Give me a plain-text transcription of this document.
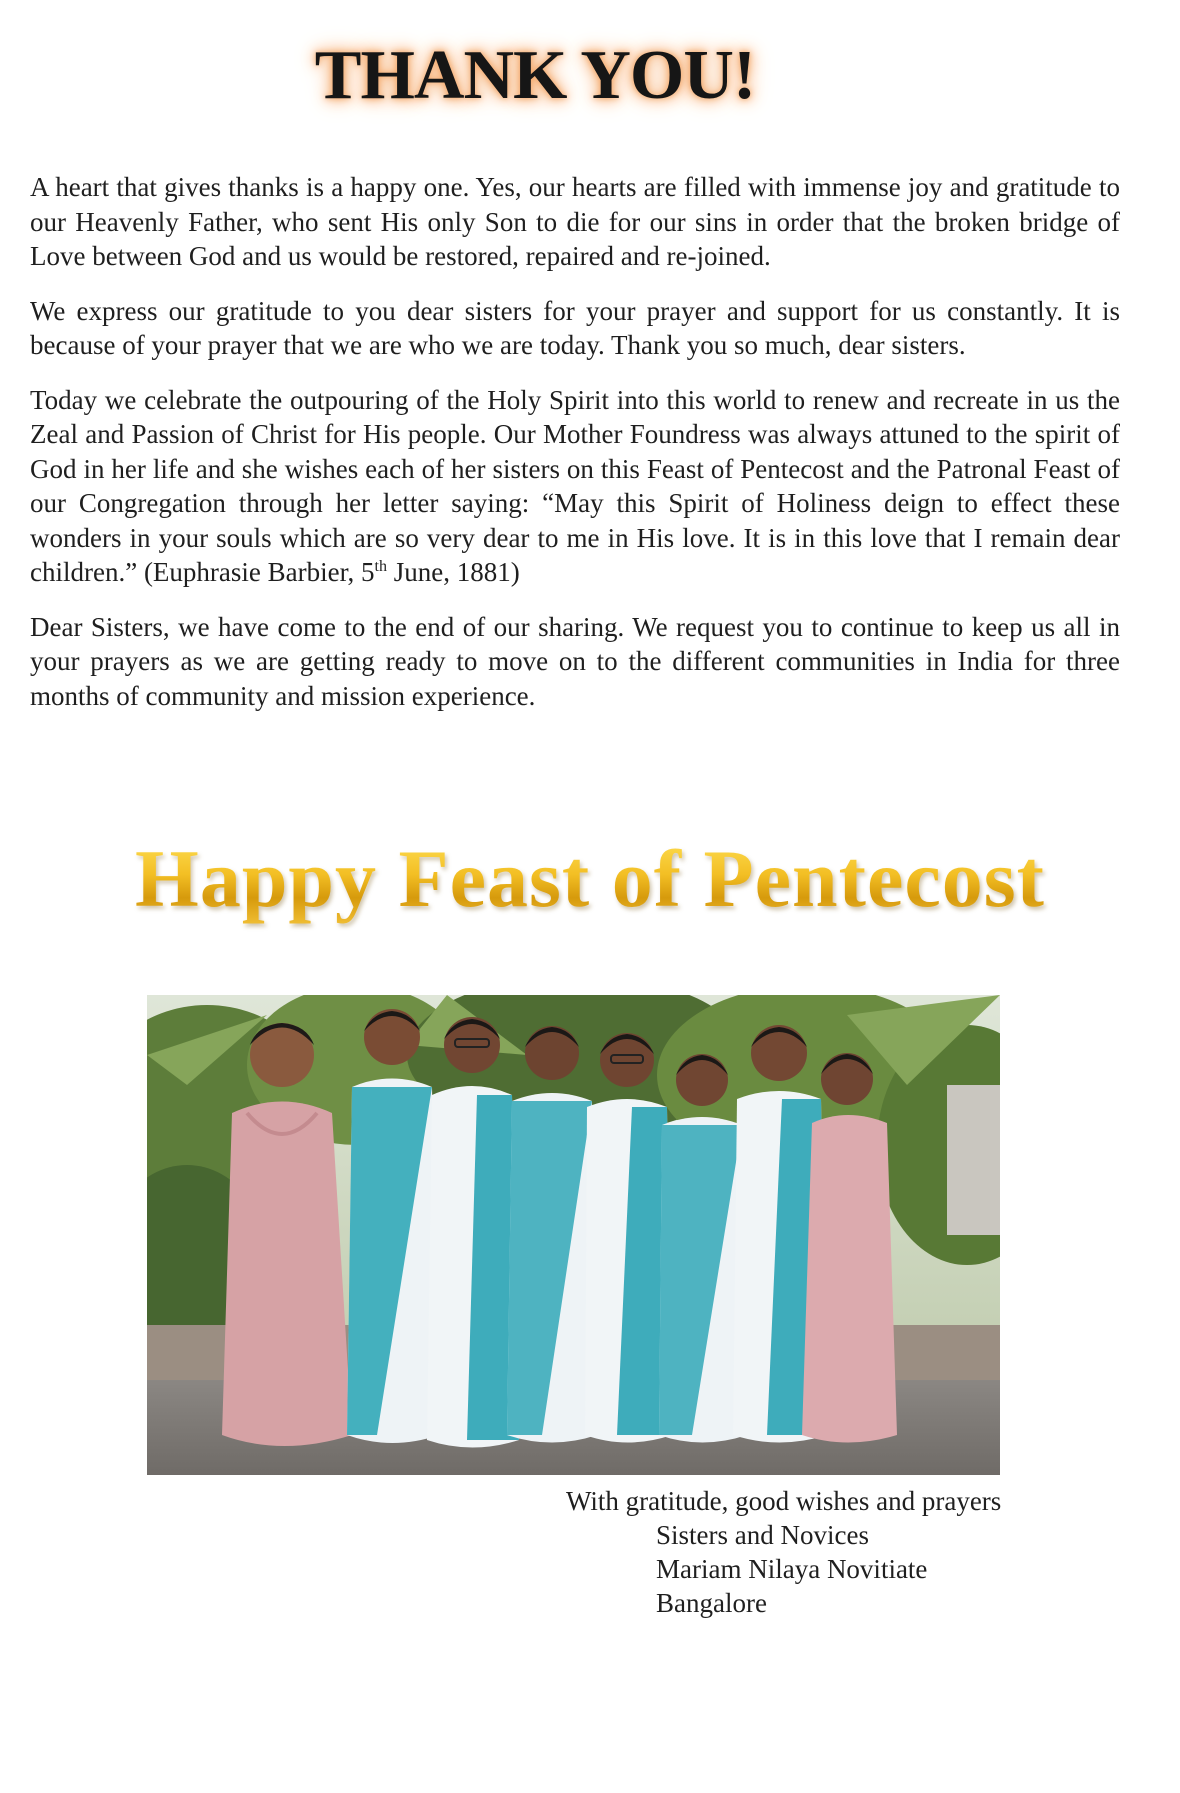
THANK YOU!

A heart that gives thanks is a happy one. Yes, our hearts are filled with immense joy and gratitude to our Heavenly Father, who sent His only Son to die for our sins in order that the broken bridge of Love between God and us would be restored, repaired and re-joined.

We express our gratitude to you dear sisters for your prayer and support for us constantly. It is because of your prayer that we are who we are today. Thank you so much, dear sisters.

Today we celebrate the outpouring of the Holy Spirit into this world to renew and recreate in us the Zeal and Passion of Christ for His people. Our Mother Foundress was always attuned to the spirit of God in her life and she wishes each of her sisters on this Feast of Pentecost and the Patronal Feast of our Congregation through her letter saying: “May this Spirit of Holiness deign to effect these wonders in your souls which are so very dear to me in His love. It is in this love that I remain dear children.” (Euphrasie Barbier, 5th June, 1881)

Dear Sisters, we have come to the end of our sharing. We request you to continue to keep us all in your prayers as we are getting ready to move on to the different communities in India for three months of community and mission experience.

Happy Feast of Pentecost
With gratitude, good wishes and prayers
Sisters and Novices
Mariam Nilaya Novitiate
Bangalore
